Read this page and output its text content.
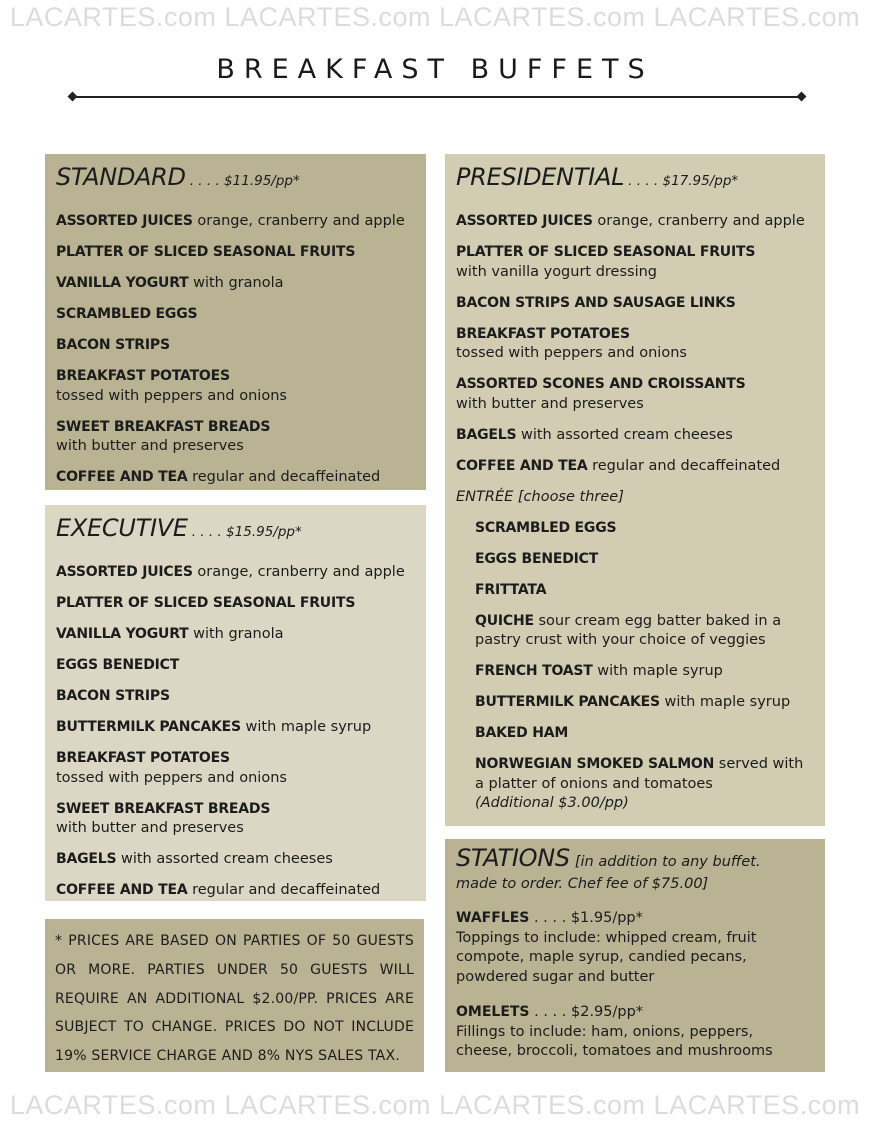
LACARTES.com LACARTES.com LACARTES.com LACARTES.com
BREAKFAST BUFFETS
STANDARD . . . . $11.95/pp*
ASSORTED JUICES orange, cranberry and apple
PLATTER OF SLICED SEASONAL FRUITS
VANILLA YOGURT with granola
SCRAMBLED EGGS
BACON STRIPS
BREAKFAST POTATOES
tossed with peppers and onions
SWEET BREAKFAST BREADS
with butter and preserves
COFFEE AND TEA regular and decaffeinated
EXECUTIVE . . . . $15.95/pp*
ASSORTED JUICES orange, cranberry and apple
PLATTER OF SLICED SEASONAL FRUITS
VANILLA YOGURT with granola
EGGS BENEDICT
BACON STRIPS
BUTTERMILK PANCAKES with maple syrup
BREAKFAST POTATOES
tossed with peppers and onions
SWEET BREAKFAST BREADS
with butter and preserves
BAGELS with assorted cream cheeses
COFFEE AND TEA regular and decaffeinated

* PRICES ARE BASED ON PARTIES OF 50 GUESTS OR MORE. PARTIES UNDER 50 GUESTS WILL REQUIRE AN ADDITIONAL $2.00/PP. PRICES ARE SUBJECT TO CHANGE. PRICES DO NOT INCLUDE 19% SERVICE CHARGE AND 8% NYS SALES TAX.

PRESIDENTIAL . . . . $17.95/pp*
ASSORTED JUICES orange, cranberry and apple
PLATTER OF SLICED SEASONAL FRUITS
with vanilla yogurt dressing
BACON STRIPS AND SAUSAGE LINKS
BREAKFAST POTATOES
tossed with peppers and onions
ASSORTED SCONES AND CROISSANTS
with butter and preserves
BAGELS with assorted cream cheeses
COFFEE AND TEA regular and decaffeinated
ENTRÉE [choose three]
SCRAMBLED EGGS
EGGS BENEDICT
FRITTATA
QUICHE sour cream egg batter baked in a pastry crust with your choice of veggies
FRENCH TOAST with maple syrup
BUTTERMILK PANCAKES with maple syrup
BAKED HAM
NORWEGIAN SMOKED SALMON served with a platter of onions and tomatoes
(Additional $3.00/pp)
STATIONS [in addition to any buffet.
made to order. Chef fee of $75.00]
WAFFLES . . . . $1.95/pp*
Toppings to include: whipped cream, fruit compote, maple syrup, candied pecans, powdered sugar and butter
OMELETS . . . . $2.95/pp*
Fillings to include: ham, onions, peppers, cheese, broccoli, tomatoes and mushrooms
LACARTES.com LACARTES.com LACARTES.com LACARTES.com
